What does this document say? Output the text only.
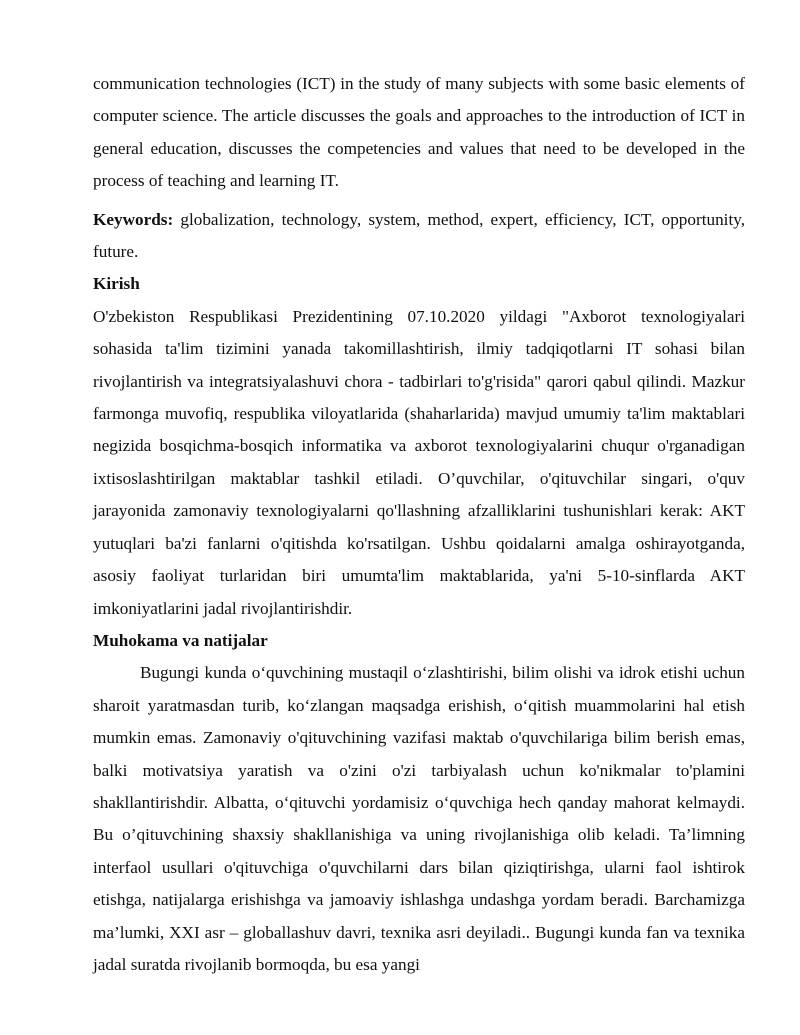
communication technologies (ICT) in the study of many subjects with some basic elements of computer science. The article discusses the goals and approaches to the introduction of ICT in general education, discusses the competencies and values that need to be developed in the process of teaching and learning IT.

Keywords: globalization, technology, system, method, expert, efficiency, ICT, opportunity, future.

Kirish

O'zbekiston Respublikasi Prezidentining 07.10.2020 yildagi "Axborot texnologiyalari sohasida ta'lim tizimini yanada takomillashtirish, ilmiy tadqiqotlarni IT sohasi bilan rivojlantirish va integratsiyalashuvi chora - tadbirlari to'g'risida" qarori qabul qilindi. Mazkur farmonga muvofiq, respublika viloyatlarida (shaharlarida) mavjud umumiy ta'lim maktablari negizida bosqichma-bosqich informatika va axborot texnologiyalarini chuqur o'rganadigan ixtisoslashtirilgan maktablar tashkil etiladi. O’quvchilar, o'qituvchilar singari, o'quv jarayonida zamonaviy texnologiyalarni qo'llashning afzalliklarini tushunishlari kerak: AKT yutuqlari ba'zi fanlarni o'qitishda ko'rsatilgan. Ushbu qoidalarni amalga oshirayotganda, asosiy faoliyat turlaridan biri umumta'lim maktablarida, ya'ni 5-10-sinflarda AKT imkoniyatlarini jadal rivojlantirishdir.

Muhokama va natijalar

Bugungi kunda o‘quvchining mustaqil o‘zlashtirishi, bilim olishi va idrok etishi uchun sharoit yaratmasdan turib, ko‘zlangan maqsadga erishish, o‘qitish muammolarini hal etish mumkin emas. Zamonaviy o'qituvchining vazifasi maktab o'quvchilariga bilim berish emas, balki motivatsiya yaratish va o'zini o'zi tarbiyalash uchun ko'nikmalar to'plamini shakllantirishdir. Albatta, o‘qituvchi yordamisiz o‘quvchiga hech qanday mahorat kelmaydi. Bu o’qituvchining shaxsiy shakllanishiga va uning rivojlanishiga olib keladi. Ta’limning interfaol usullari o'qituvchiga o'quvchilarni dars bilan qiziqtirishga, ularni faol ishtirok etishga, natijalarga erishishga va jamoaviy ishlashga undashga yordam beradi. Barchamizga ma’lumki, XXI asr – globallashuv davri, texnika asri deyiladi.. Bugungi kunda fan va texnika jadal suratda rivojlanib bormoqda, bu esa yangi
